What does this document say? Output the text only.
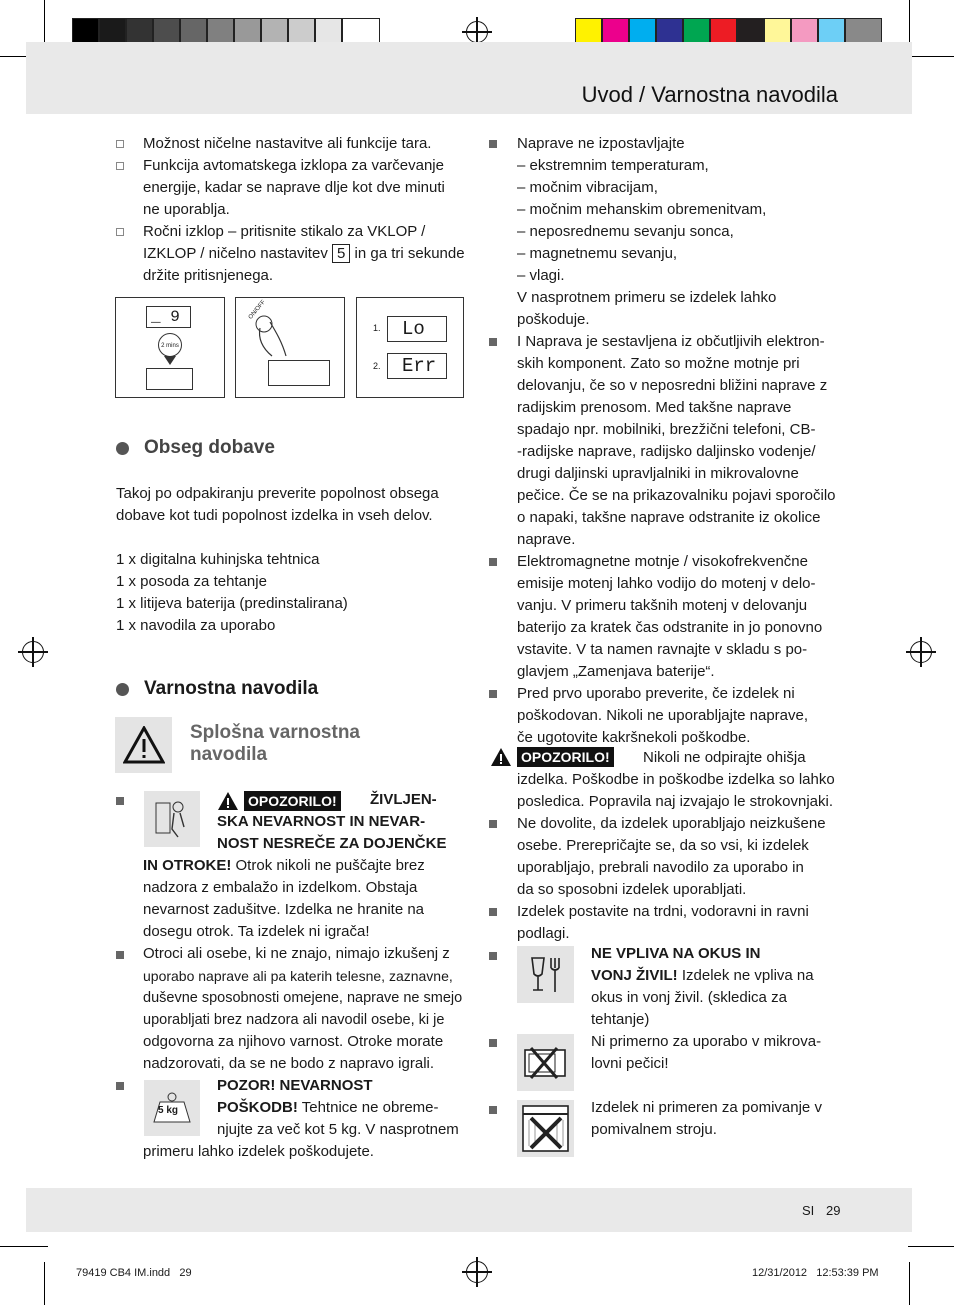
Uvod / Varnostna navodila
Možnost ničelne nastavitve ali funkcije tara.
Funkcija avtomatskega izklopa za varčevanje
energije, kadar se naprave dlje kot dve minuti
ne uporablja.
Ročni izklop – pritisnite stikalo za VKLOP /
IZKLOP / ničelno nastavitev 5 in ga tri sekunde
držite pritisnjenega.
_ 9
2 mins
ON/OFF
1.	Lo
2.	Err
Obseg dobave
Takoj po odpakiranju preverite popolnost obsega
dobave kot tudi popolnost izdelka in vseh delov.
1 x digitalna kuhinjska tehtnica
1 x posoda za tehtanje
1 x litijeva baterija (predinstalirana)
1 x navodila za uporabo
Varnostna navodila
Splošna varnostna
navodila
OPOZORILO! ŽIVLJEN-
SKA NEVARNOST IN NEVAR-
NOST NESREČE ZA DOJENČKE
IN OTROKE! Otrok nikoli ne puščajte brez
nadzora z embalažo in izdelkom. Obstaja
nevarnost zadušitve. Izdelka ne hranite na
dosegu otrok. Ta izdelek ni igrača!
Otroci ali osebe, ki ne znajo, nimajo izkušenj z
uporabo naprave ali pa katerih telesne, zaznavne,
duševne sposobnosti omejene, naprave ne smejo
uporabljati brez nadzora ali navodil osebe, ki je
odgovorna za njihovo varnost. Otroke morate
nadzorovati, da se ne bodo z napravo igrali.
5 kg
POZOR! NEVARNOST
POŠKODB! Tehtnice ne obreme-
njujte za več kot 5 kg. V nasprotnem
primeru lahko izdelek poškodujete.
Naprave ne izpostavljajte
– ekstremnim temperaturam,
– močnim vibracijam,
– močnim mehanskim obremenitvam,
– neposrednemu sevanju sonca,
– magnetnemu sevanju,
– vlagi.
V nasprotnem primeru se izdelek lahko
poškoduje.
I Naprava je sestavljena iz občutljivih elektron-
skih komponent. Zato so možne motnje pri
delovanju, če so v neposredni bližini naprave z
radijskim prenosom. Med takšne naprave
spadajo npr. mobilniki, brezžični telefoni, CB-
-radijske naprave, radijsko daljinsko vodenje/
drugi daljinski upravljalniki in mikrovalovne
pečice. Če se na prikazovalniku pojavi sporočilo
o napaki, takšne naprave odstranite iz okolice
naprave.
Elektromagnetne motnje / visokofrekvenčne
emisije motenj lahko vodijo do motenj v delo-
vanju. V primeru takšnih motenj v delovanju
baterijo za kratek čas odstranite in jo ponovno
vstavite. V ta namen ravnajte v skladu s po-
glavjem „Zamenjava baterije“.
Pred prvo uporabo preverite, če izdelek ni
poškodovan. Nikoli ne uporabljajte naprave,
če ugotovite kakršnekoli poškodbe.
OPOZORILO! Nikoli ne odpirajte ohišja
izdelka. Poškodbe in poškodbe izdelka so lahko
posledica. Popravila naj izvajajo le strokovnjaki.
Ne dovolite, da izdelek uporabljajo neizkušene
osebe. Prerepričajte se, da so vsi, ki izdelek
uporabljajo, prebrali navodilo za uporabo in
da so sposobni izdelek uporabljati.
Izdelek postavite na trdni, vodoravni in ravni
podlagi.
NE VPLIVA NA OKUS IN
VONJ ŽIVIL! Izdelek ne vpliva na
okus in vonj živil. (skledica za
tehtanje)
Ni primerno za uporabo v mikrova-
lovni pečici!
Izdelek ni primeren za pomivanje v
pomivalnem stroju.
SI 29
79419 CB4 IM.indd   29	12/31/2012   12:53:39 PM
